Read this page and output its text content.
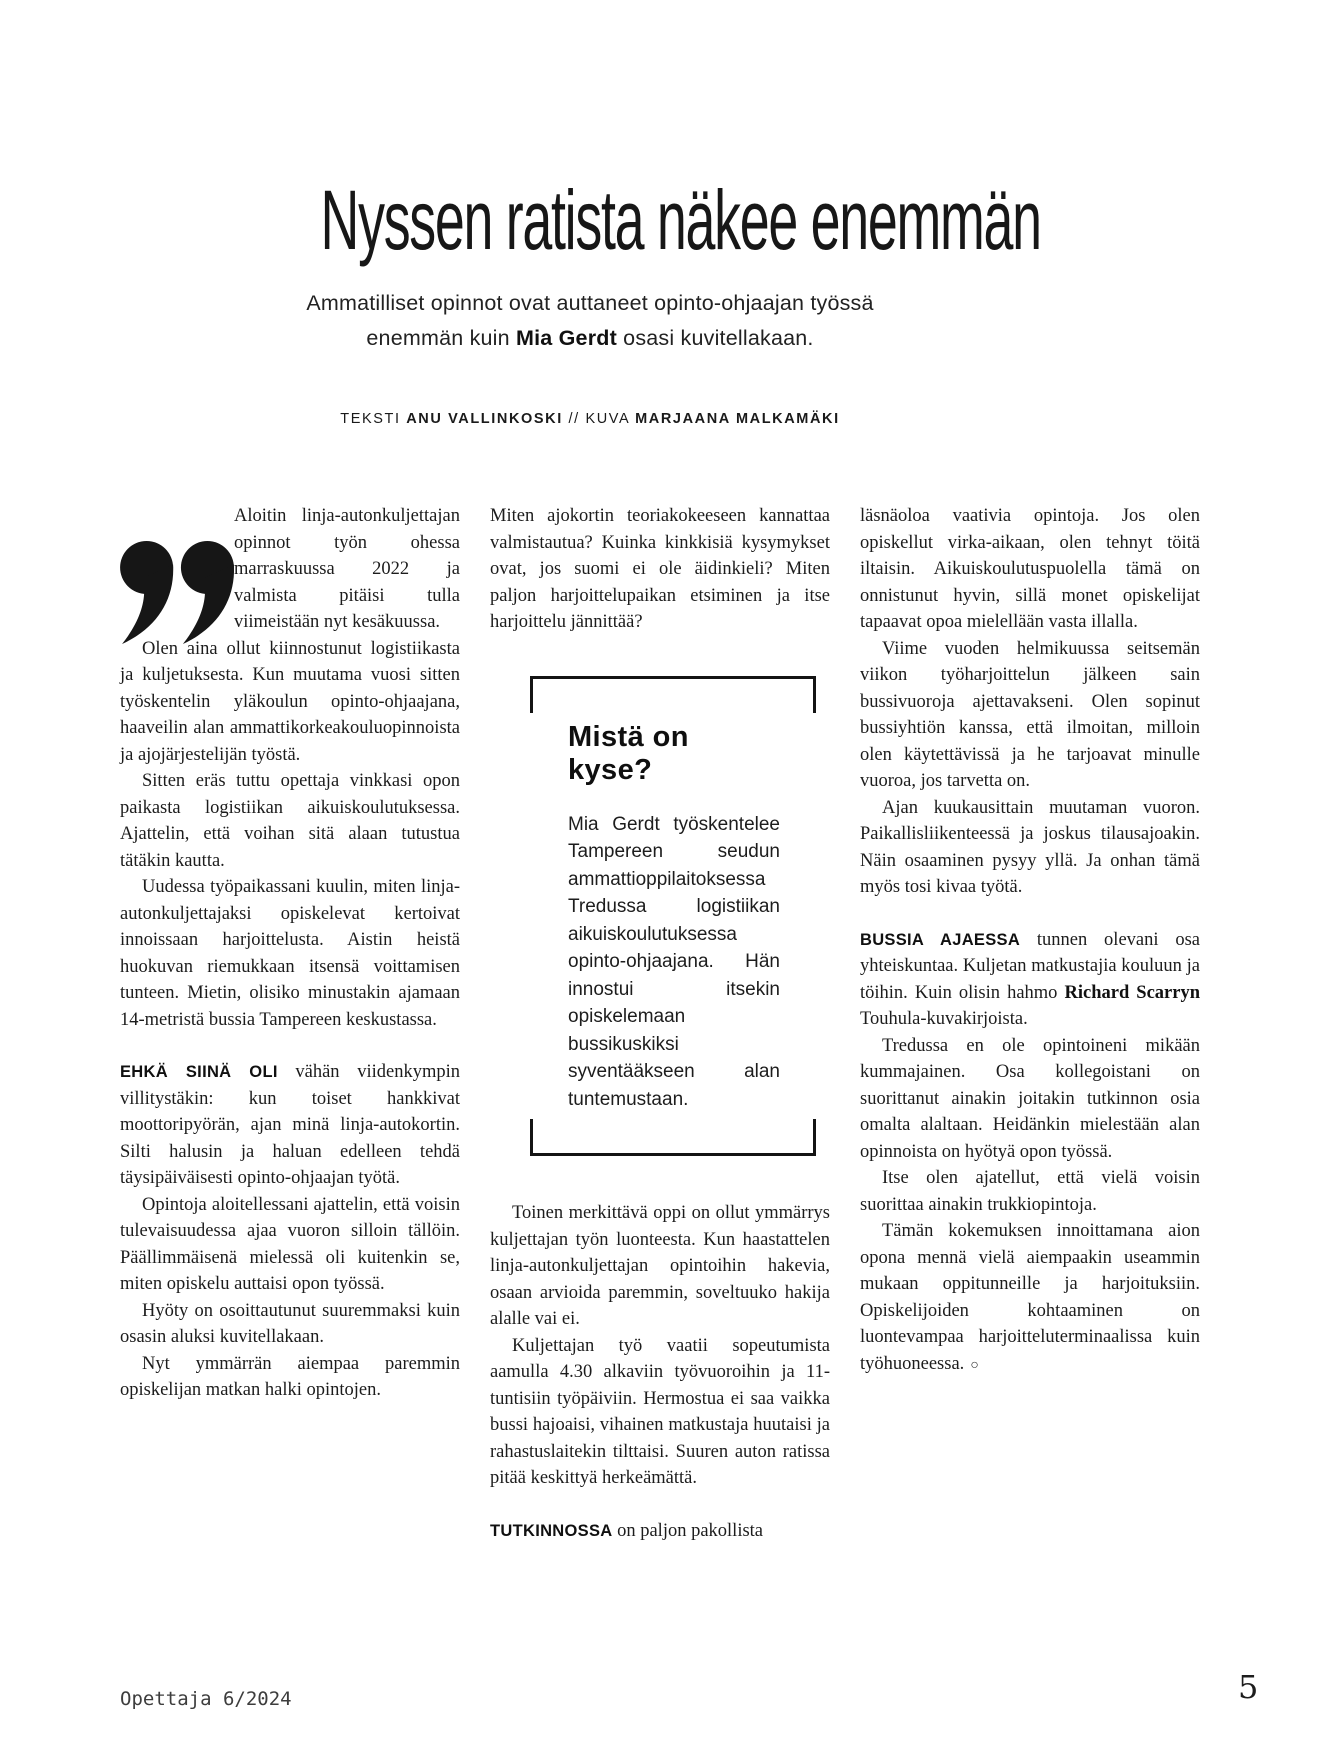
Nyssen ratista näkee enemmän

Ammatilliset opinnot ovat auttaneet opinto-ohjaajan työssä
enemmän kuin Mia Gerdt osasi kuvitellakaan.

TEKSTI ANU VALLINKOSKI // KUVA MARJAANA MALKAMÄKI

Aloitin linja-autonkuljettajan opinnot työn ohessa marraskuussa 2022 ja valmista pitäisi tulla viimeistään nyt kesäkuussa.

Olen aina ollut kiinnostunut logistiikasta ja kuljetuksesta. Kun muutama vuosi sitten työskentelin yläkoulun opinto-ohjaajana, haaveilin alan ammattikorkeakouluopinnoista ja ajojärjestelijän työstä.

Sitten eräs tuttu opettaja vinkkasi opon paikasta logistiikan aikuiskoulutuksessa. Ajattelin, että voihan sitä alaan tutustua tätäkin kautta.

Uudessa työpaikassani kuulin, miten linja-autonkuljettajaksi opiskelevat kertoivat innoissaan harjoittelusta. Aistin heistä huokuvan riemukkaan itsensä voittamisen tunteen. Mietin, olisiko minustakin ajamaan 14-metristä bussia Tampereen keskustassa.

EHKÄ SIINÄ OLI vähän viidenkympin villitystäkin: kun toiset hankkivat moottoripyörän, ajan minä linja-autokortin. Silti halusin ja haluan edelleen tehdä täysipäiväisesti opinto-ohjaajan työtä.

Opintoja aloitellessani ajattelin, että voisin tulevaisuudessa ajaa vuoron silloin tällöin. Päällimmäisenä mielessä oli kuitenkin se, miten opiskelu auttaisi opon työssä.

Hyöty on osoittautunut suuremmaksi kuin osasin aluksi kuvitellakaan.

Nyt ymmärrän aiempaa paremmin opiskelijan matkan halki opintojen.

Miten ajokortin teoriakokeeseen kannattaa valmistautua? Kuinka kinkkisiä kysymykset ovat, jos suomi ei ole äidinkieli? Miten paljon harjoittelupaikan etsiminen ja itse harjoittelu jännittää?

Mistä on kyse?

Mia Gerdt työskentelee Tampereen seudun ammattioppilaitoksessa Tredussa logistiikan aikuiskoulutuksessa opinto-ohjaajana. Hän innostui itsekin opiskelemaan bussikuskiksi syventääkseen alan tuntemustaan.

Toinen merkittävä oppi on ollut ymmärrys kuljettajan työn luonteesta. Kun haastattelen linja-autonkuljettajan opintoihin hakevia, osaan arvioida paremmin, soveltuuko hakija alalle vai ei.

Kuljettajan työ vaatii sopeutumista aamulla 4.30 alkaviin työvuoroihin ja 11-tuntisiin työpäiviin. Hermostua ei saa vaikka bussi hajoaisi, vihainen matkustaja huutaisi ja rahastuslaitekin tilttaisi. Suuren auton ratissa pitää keskittyä herkeämättä.

TUTKINNOSSA on paljon pakollista

läsnäoloa vaativia opintoja. Jos olen opiskellut virka-aikaan, olen tehnyt töitä iltaisin. Aikuiskoulutuspuolella tämä on onnistunut hyvin, sillä monet opiskelijat tapaavat opoa mielellään vasta illalla.

Viime vuoden helmikuussa seitsemän viikon työharjoittelun jälkeen sain bussivuoroja ajettavakseni. Olen sopinut bussiyhtiön kanssa, että ilmoitan, milloin olen käytettävissä ja he tarjoavat minulle vuoroa, jos tarvetta on.

Ajan kuukausittain muutaman vuoron. Paikallisliikenteessä ja joskus tilausajoakin. Näin osaaminen pysyy yllä. Ja onhan tämä myös tosi kivaa työtä.

BUSSIA AJAESSA tunnen olevani osa yhteiskuntaa. Kuljetan matkustajia kouluun ja töihin. Kuin olisin hahmo Richard Scarryn Touhula-kuvakirjoista.

Tredussa en ole opintoineni mikään kummajainen. Osa kollegoistani on suorittanut ainakin joitakin tutkinnon osia omalta alaltaan. Heidänkin mielestään alan opinnoista on hyötyä opon työssä.

Itse olen ajatellut, että vielä voisin suorittaa ainakin trukkiopintoja.

Tämän kokemuksen innoittamana aion opona mennä vielä aiempaakin useammin mukaan oppitunneille ja harjoituksiin. Opiskelijoiden kohtaaminen on luontevampaa harjoitteluterminaalissa kuin työhuoneessa. ○

Opettaja 6/2024	5
